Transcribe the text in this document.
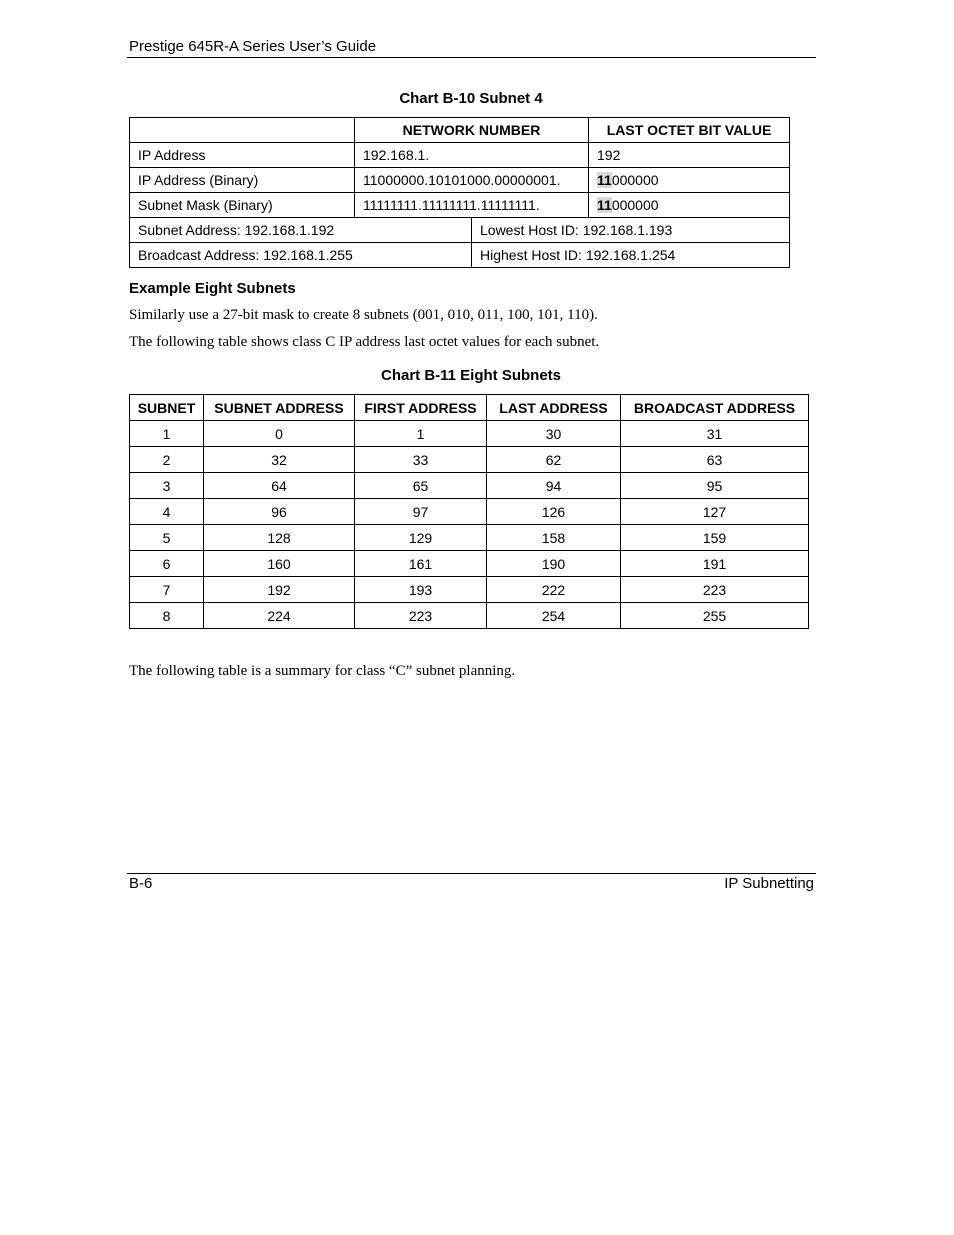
Prestige 645R-A Series User’s Guide
Chart B-10 Subnet 4
	NETWORK NUMBER		LAST OCTET BIT VALUE
IP Address	192.168.1.		192
IP Address (Binary)	11000000.10101000.00000001.		11000000
Subnet Mask (Binary)	11111111.11111111.11111111.		11000000
Subnet Address: 192.168.1.192		Lowest Host ID: 192.168.1.193	
Broadcast Address: 192.168.1.255		Highest Host ID: 192.168.1.254	
Example Eight Subnets
Similarly use a 27-bit mask to create 8 subnets (001, 010, 011, 100, 101, 110).
The following table shows class C IP address last octet values for each subnet.
Chart B-11 Eight Subnets
SUBNET	SUBNET ADDRESS	FIRST ADDRESS	LAST ADDRESS	BROADCAST ADDRESS
1	0	1	30	31
2	32	33	62	63
3	64	65	94	95
4	96	97	126	127
5	128	129	158	159
6	160	161	190	191
7	192	193	222	223
8	224	223	254	255
The following table is a summary for class “C” subnet planning.
B-6	IP Subnetting
